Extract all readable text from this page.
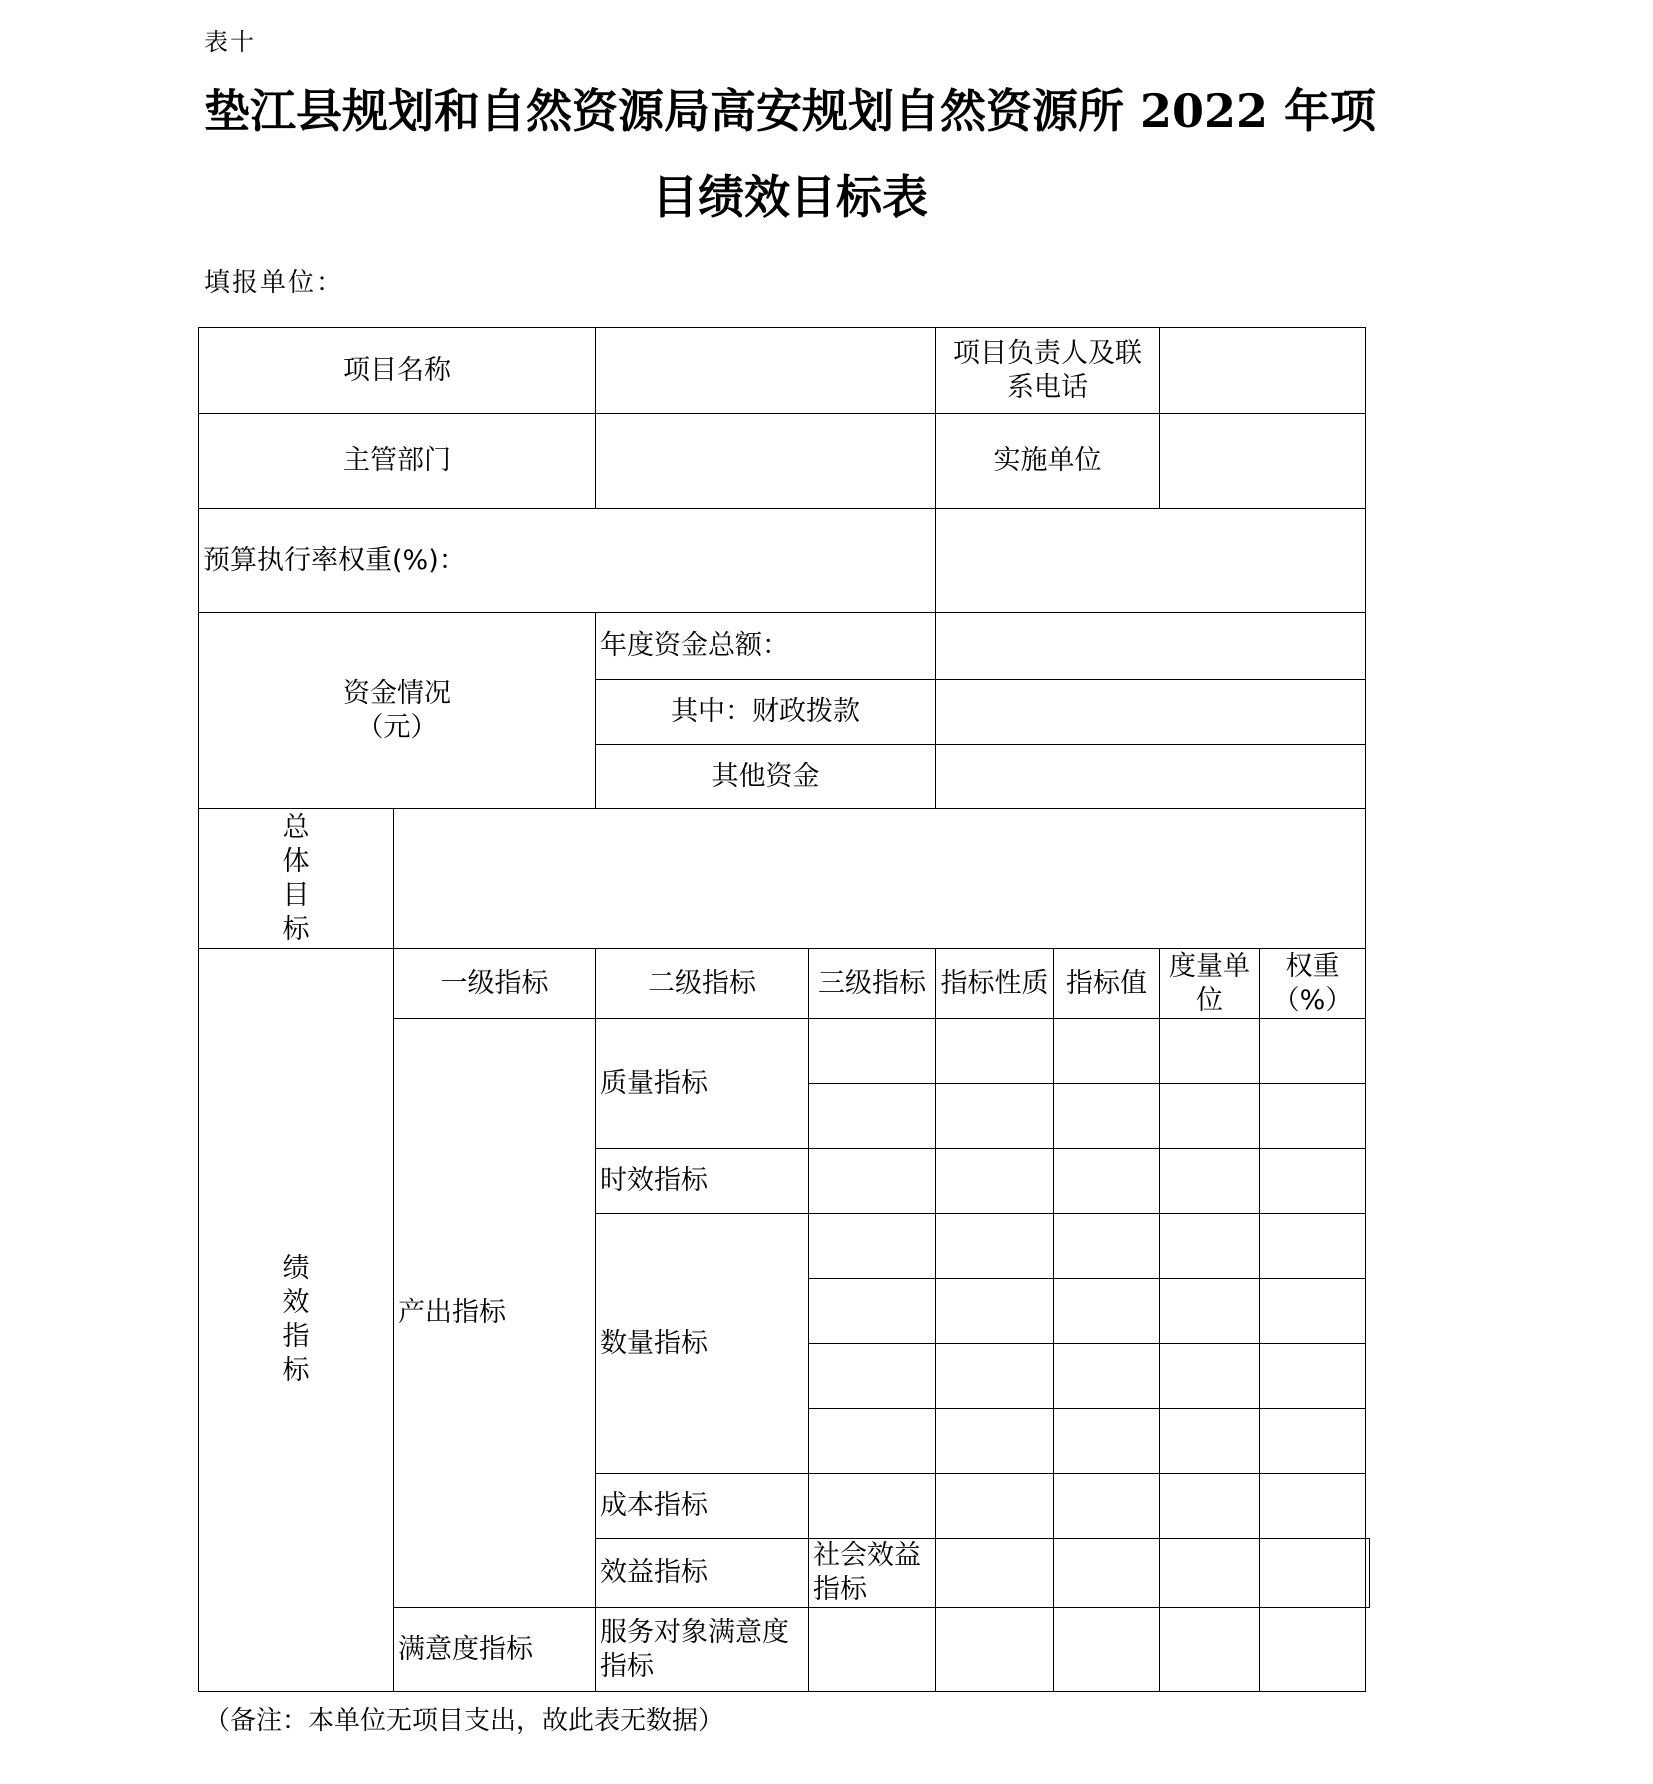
表十
垫江县规划和自然资源局高安规划自然资源所 2022 年项目绩效目标表
填报单位：
项目名称				项目负责人及联系电话				
主管部门				实施单位				
预算执行率权重(%)：								

资金情况（元）		年度资金总额：						
		其中：财政拨款						
		其他资金						
总体目标								
绩效指标	一级指标	二级指标	三级指标	指标性质	指标值	度量单位	权重（%）	
	产出指标	质量指标						

		时效指标						
		数量指标						

		成本指标						
		效益指标	社会效益指标					
	满意度指标	服务对象满意度指标						

（备注：本单位无项目支出，故此表无数据）
